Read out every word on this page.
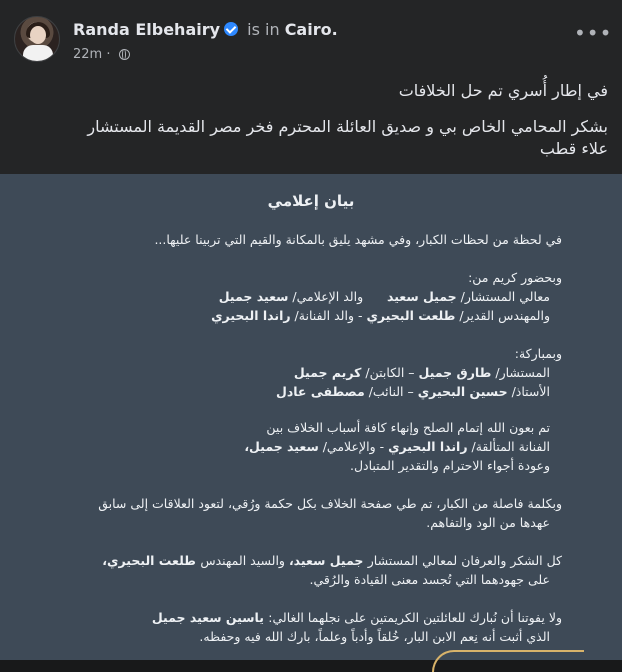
Randa Elbehairy is in Cairo.
22m ·
•••
في إطار أُسري تم حل الخلافات
بشكر المحامي الخاص بي و صديق العائلة المحترم فخر مصر القديمة المستشار
علاء قطب
بيان إعلامي
في لحظة من لحظات الكبار، وفي مشهد يليق بالمكانة والقيم التي تربينا عليها...
وبحضور كريم من:
معالي المستشار/ جميل سعيد      والد الإعلامي/ سعيد جميل
والمهندس القدير/ طلعت البحيري - والد الفنانة/ راندا البحيري
وبمباركة:
المستشار/ طارق جميل – الكابتن/ كريم جميل
الأستاذ/ حسين البحيري – النائب/ مصطفى عادل
تم بعون الله إتمام الصلح وإنهاء كافة أسباب الخلاف بين
الفنانة المتألقة/ راندا البحيري - والإعلامي/ سعيد جميل،
وعودة أجواء الاحترام والتقدير المتبادل.
وبكلمة فاصلة من الكبار، تم طي صفحة الخلاف بكل حكمة ورُقي، لتعود العلاقات إلى سابق
عهدها من الود والتفاهم.
كل الشكر والعرفان لمعالي المستشار جميل سعيد، والسيد المهندس طلعت البحيري،
على جهودهما التي تُجسد معنى القيادة والرُقي.
ولا يفوتنا أن نُبارك للعائلتين الكريمتين على نجلهما الغالي: ياسين سعيد جميل
الذي أثبت أنه نِعم الابن البار، خُلقاً وأدباً وعلماً، بارك الله فيه وحفظه.
